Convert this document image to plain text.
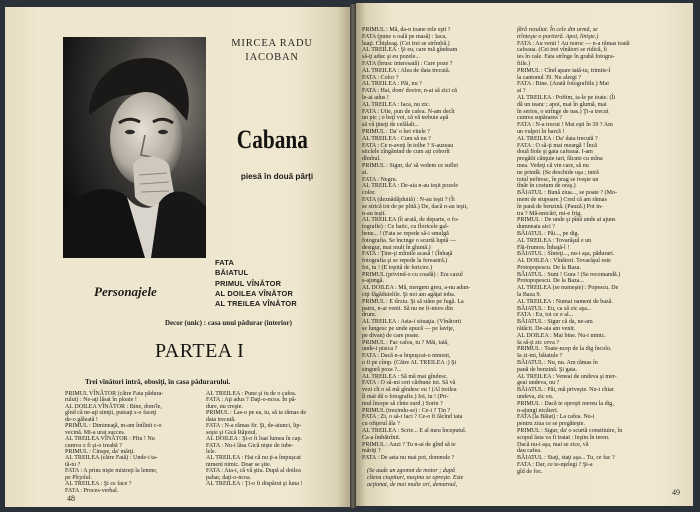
MIRCEA RADU
IACOBAN
Cabana
piesă în două părţi
Personajele
FATA
BĂIATUL
PRIMUL VÎNĂTOR
AL DOILEA VÎNĂTOR
AL TREILEA VÎNĂTOR
Decor (unic) : casa unui pădurar (interior)
PARTEA I
Trei vînători intră, obosiţi, în casa pădurarului.
PRIMUL VÎNĂTOR (către Fata pădura-
rului) : Ne-aţi lăsat în ploaie !
AL DOILEA VÎNĂTOR : Bine, dom'le,
gînd că ne-aţi simţit, puteaţi s-o faceţi
de-o găleată !
PRIMUL : Dimineaţă, m-am întîlnit c-o
vecină. Mi-a urat succes.
AL TREILEA VÎNĂTOR : Pfiu ! Nu
cumva o fi şi-o treabă ?
PRIMUL : Cinspe, da' mărţi.
AL TREILEA (către Fată) : Unde-i ta-
tă-tu ?
FATA : A prins nişte mistreţi la lemne,
pe Pîrjolul.
AL TREILEA : Şi ce face ?
FATA : Proces-verbal.
AL TREILEA : Pune şi tu de o cafea.
FATA : Aţi adus ? Daţi-o-ncoa. În pă-
dure, nu creşte.
PRIMUL : Las-o pe ea, tu, să ia rămas de
data trecută.
FATA : N-a rămas fir. Şi, de-atunci, lip-
seşte şi Gică Răţoiul.
AL DOILEA : Şi-o fi luat lumea în cap.
FATA : Nu-i lăsa Gică nişte de iube-
lele.
AL TREILEA : Hai că nu ţi-a împuşcat
nimeni nimic. Doar se ştie.
FATA : Aia-i, că vă ştiu. După al doilea
pahar, daţi-o-ncoa.
AL TREILEA : Ţi-o fi dispărut şi luna !
48
PRIMUL : Mă, da-n toane rele eşti ?
FATA (pune o oală pe masă) : Iaca,
luaţi. Chişleag. (Cei trei se strîmbă.)
AL TREILEA : Şi eu, care mă gîndeam
să-ţi aduc şi eu pozele...
FATA (brusc interesată) : Care poze ?
AL TREILEA : Alea de data trecută.
FATA : Color ?
AL TREILEA : Păi, nu ?
FATA : Hai, dom' doctor, n-ai să zici că
le-ai adus !
AL TREILEA : Iaca, nu zic.
FATA : Uite, pun de cafea. N-am decît
un pic ; o beţi voi, că vă trebuie apă
să vă ţineţi de celălalt...
PRIMUL : Da' o bei vitele ?
AL TREILEA : Cum să nu ?
FATA : Ce n-aveţi în tolbe ? S-auzeau
sticlele zîngănind de cum aţi coborît
dîmbul.
PRIMUL : Sigur, da' să vedem ce suflet
ai.
FATA : Negru.
AL TREILEA : De-aia n-au ieşit pozele
color.
FATA (deznădăjduită) : N-au ieşit ? (Îi
se strică tot de pe plită.) De, dacă n-au ieşit,
n-au ieşit.
AL TREILEA (îi arată, de departe, o fo-
tografie) : Ce batic, cu floricele gal-
bene... ! (Fata se repede să-i smulgă
fotografia. Se încinge o scurtă luptă —
desigur, mai mult în glumă.)
FATA : Ţine-ţi mîinile acasă ! (Înhaţă
fotografia şi se repede la fereastră.)
Ioi, tu ! (E topită de fericire.)
PRIMUL (privind-o cu coadă) : Era cazul
s-ajungă.
AL DOILEA : Mă, mergem greu, a-nu adun-
ciţi făgăduielile. Şi noi am agăţat toba.
PRIMUL : E tîrziu. Şi să stăm pe fugă. La
patru, n-ai venit. Să nu ne fi-ntors din
drum.
AL TREILEA : Asta-i situaţia. (Vînătorii
se lungesc pe unde apucă — pe laviţe,
pe divan) de care poate.
PRIMUL : Fac cafea, tu ? Măi, tată,
unde-i pisica ?
FATA : Dacă n-a împuşcat-o nimeni,
o fi pe cîmp. (Către AL TREILEA :) Şi
singură poza ?...
AL TREILEA : Să mă mai gîndesc.
FATA : O să-mi ceri cărbune tot. Să vă
vezi cît o să mă gîndesc eu ! (Al treilea
îi mai dă o fotografie.) Ioi, tu ! (Pri-
mul începe să cînte surd.) Sorin ?
PRIMUL (trezindu-se) : Ce-i ? Tin ?
FATA : Zi, o să-i faci ? Ce-o fi făcînd tata
cu ofiţerul ăla ?
AL TREILEA : Scrie... E al meu începutul.
Ca-a îmbătrînit.
PRIMUL : Auzi ? Tu n-ai de gînd să te
măriţi ?
FATA : De asta nu mai pot, domnule ?
(Se aude un zgomot de motor ; după
cîteva ciupituri, maşina se opreşte. Este
acţionat, de mai multe ori, demaroul,
fără rezultat. În cele din urmă, se
trînteşte o portieră. Apoi, linişte.)
FATA : Au venit ! Au noroc — n-a rămas toată
cafeaua. (Cei trei vînători se ridică, îi
ies în cale. Fata strînge în grabă fotogra-
fiile.)
PRIMUL : Cînd apare tată-tu, trimite-l
la cantonul 39. Nu alergi ?
FATA : Bine. (Arată fotografiile.) Mai
ai ?
AL TREILEA : Poftim, ia-le pe toate. (Îi
dă un teanc ; apoi, mai în glumă, mai
în serios, o strînge de nas.) Ţi-a trecut
cumva supărarea ?
FATA : N-a trecut ! Mai eşti în 39 ? Am
un vulpoi în barcă !
AL TREILEA : Da' data trecută ?
FATA : O să-ţi mai meargă ! Încă
două fiole şi gata cafeaua. I-am
pregătit cănţuie tari, făcute cu mîna
mea. Vedeţi că vin care, să nu
ne prindă. (Se deschide uşa ; intră
totul nefiresc, în prag se iveşte un
tînăr în costum de oraş.)
BĂIATUL : Bună ziua..., se poate ? (Mo-
ment de stupoare.) Cred că am rămas
în pană de benzină. (Pauză.) Pot in-
tra ? Mă-nnicări, mi-e frig.
PRIMUL : De unde şi pînă unde ai ajuns
dumneata aici ?
BĂIATUL : Păi..., pe dig.
AL TREILEA : Tovarăşul e un
Făt-frumos. Înhaţă-l !
BĂIATUL : Sînteţi..., nu-i aşa, pădurari.
AL DOILEA : Vînători. Tovarăşul este
Protopopescu. De la Baza.
BĂIATUL : Sunt ! Gura ! (Se recomandă.)
Protopopescu. De la Baza...
AL TREILEA (se numeşte) : Popescu. De
la Baza 9.
AL TREILEA : Numai oameni de bază.
BĂIATUL : Eu, ca să zic aşa...
FATA : Eu, tot ce e al...
BĂIATUL : Sigur că da, ne-am
rătăcit. De-aia am venit.
AL DOILEA : Mai bine. Nu-i nimic.
Ia să-ţi zic ceva ?
PRIMUL : Toate-ncep de la dig încolo.
Ia zi-mi, băiatule ?
BĂIATUL : Nu, nu. Am rămas în
pană de benzină. Şi gata.
AL TREILEA : Veneai de undeva şi mer-
geai undeva, nu ?
BĂIATUL : Păi, mă priveşte. Nu-i chiar
undeva, zic eu.
PRIMUL : Dacă te opreşti mereu la dig,
n-ajungi nicăieri.
FATA (la Băiat) : La cafea. Nu-i
pentru ziua ce se pregăteşte.
PRIMUL : Sigur, da' o scurtă constituire, în
scopul ăsta va fi tratat : Ieşim în teren.
Dacă nu-i aşa, mai se zice, vă
dau cafea.
BĂIATUL : Staţi, staţi aşa... Tu, ce fac ?
FATA : Dar, ce te-nţelegi ? Şi-a
gîd de foc.
49
